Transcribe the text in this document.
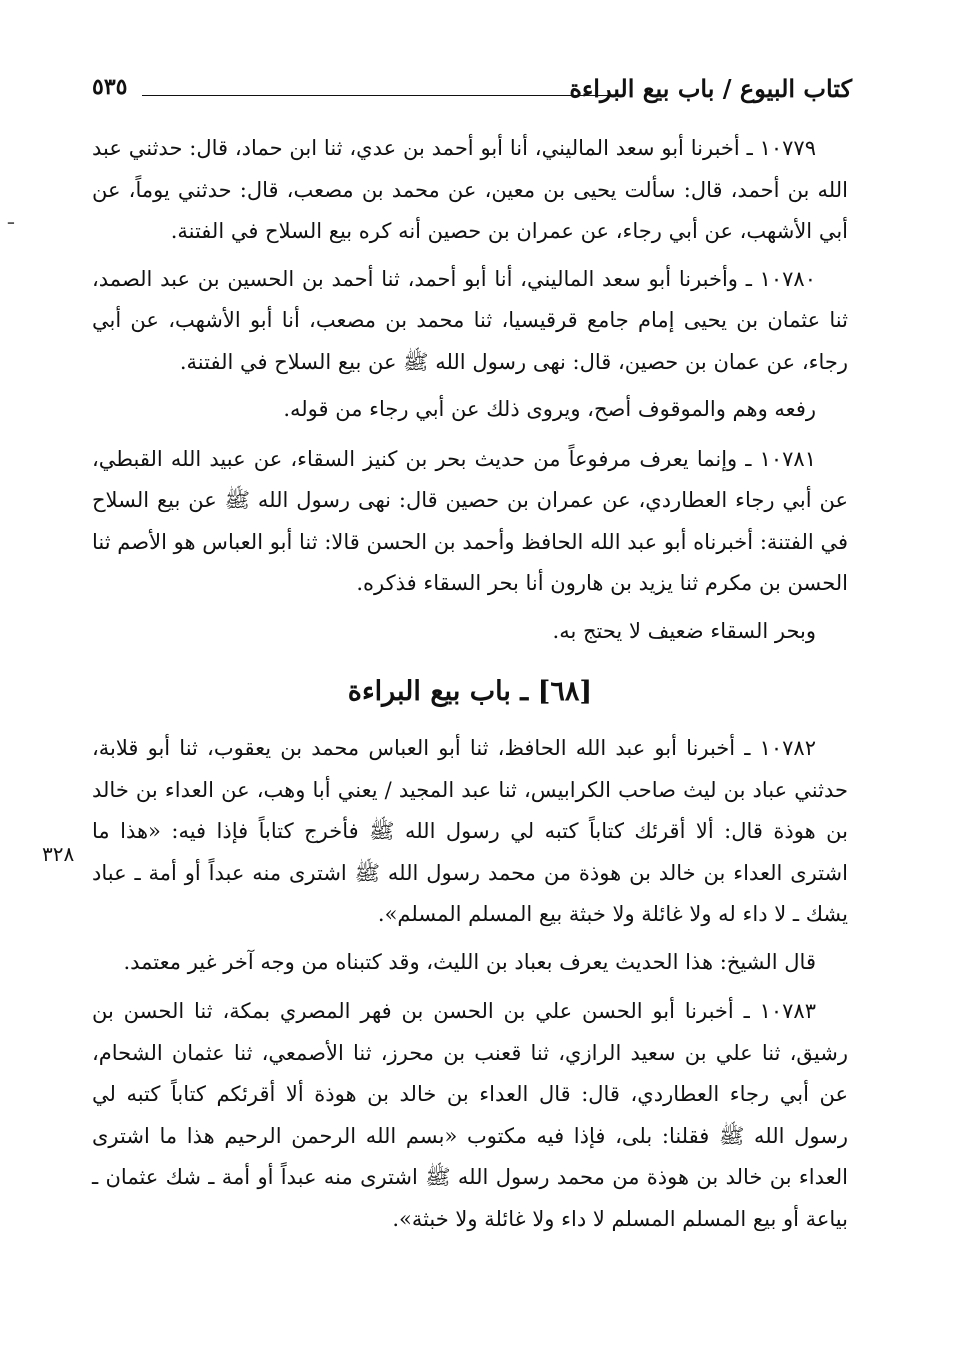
كتاب البيوع / باب بيع البراءة
٥٣٥
ـ

١٠٧٧٩ ـ أخبرنا أبو سعد الماليني، أنا أبو أحمد بن عدي، ثنا ابن حماد، قال: حدثني عبد الله بن أحمد، قال: سألت يحيى بن معين، عن محمد بن مصعب، قال: حدثني يوماً، عن أبي الأشهب، عن أبي رجاء، عن عمران بن حصين أنه كره بيع السلاح في الفتنة.

١٠٧٨٠ ـ وأخبرنا أبو سعد الماليني، أنا أبو أحمد، ثنا أحمد بن الحسين بن عبد الصمد، ثنا عثمان بن يحيى إمام جامع قرقيسيا، ثنا محمد بن مصعب، أنا أبو الأشهب، عن أبي رجاء، عن عمان بن حصين، قال: نهى رسول الله ﷺ عن بيع السلاح في الفتنة.

رفعه وهم والموقوف أصح، ويروى ذلك عن أبي رجاء من قوله.

١٠٧٨١ ـ وإنما يعرف مرفوعاً من حديث بحر بن كنيز السقاء، عن عبيد الله القبطي، عن أبي رجاء العطاردي، عن عمران بن حصين قال: نهى رسول الله ﷺ عن بيع السلاح في الفتنة: أخبرناه أبو عبد الله الحافظ وأحمد بن الحسن قالا: ثنا أبو العباس هو الأصم ثنا الحسن بن مكرم ثنا يزيد بن هارون أنا بحر السقاء فذكره.

وبحر السقاء ضعيف لا يحتج به.

[٦٨] ـ باب بيع البراءة

١٠٧٨٢ ـ أخبرنا أبو عبد الله الحافظ، ثنا أبو العباس محمد بن يعقوب، ثنا أبو قلابة، حدثني عباد بن ليث صاحب الكرابيس، ثنا عبد المجيد / يعني أبا وهب، عن العداء بن خالد بن هوذة قال: ألا أقرئك كتاباً كتبه لي رسول الله ﷺ فأخرج كتاباً فإذا فيه: «هذا ما اشترى العداء بن خالد بن هوذة من محمد رسول الله ﷺ اشترى منه عبداً أو أمة ـ عباد يشك ـ لا داء له ولا غائلة ولا خبثة بيع المسلم المسلم».

قال الشيخ: هذا الحديث يعرف بعباد بن الليث، وقد كتبناه من وجه آخر غير معتمد.

١٠٧٨٣ ـ أخبرنا أبو الحسن علي بن الحسن بن فهر المصري بمكة، ثنا الحسن بن رشيق، ثنا علي بن سعيد الرازي، ثنا قعنب بن محرز، ثنا الأصمعي، ثنا عثمان الشحام، عن أبي رجاء العطاردي، قال: قال العداء بن خالد بن هوذة ألا أقرئكم كتاباً كتبه لي رسول الله ﷺ فقلنا: بلى، فإذا فيه مكتوب «بسم الله الرحمن الرحيم هذا ما اشترى العداء بن خالد بن هوذة من محمد رسول الله ﷺ اشترى منه عبداً أو أمة ـ شك عثمان ـ بياعة أو بيع المسلم المسلم لا داء ولا غائلة ولا خبثة».

٣٢٨
